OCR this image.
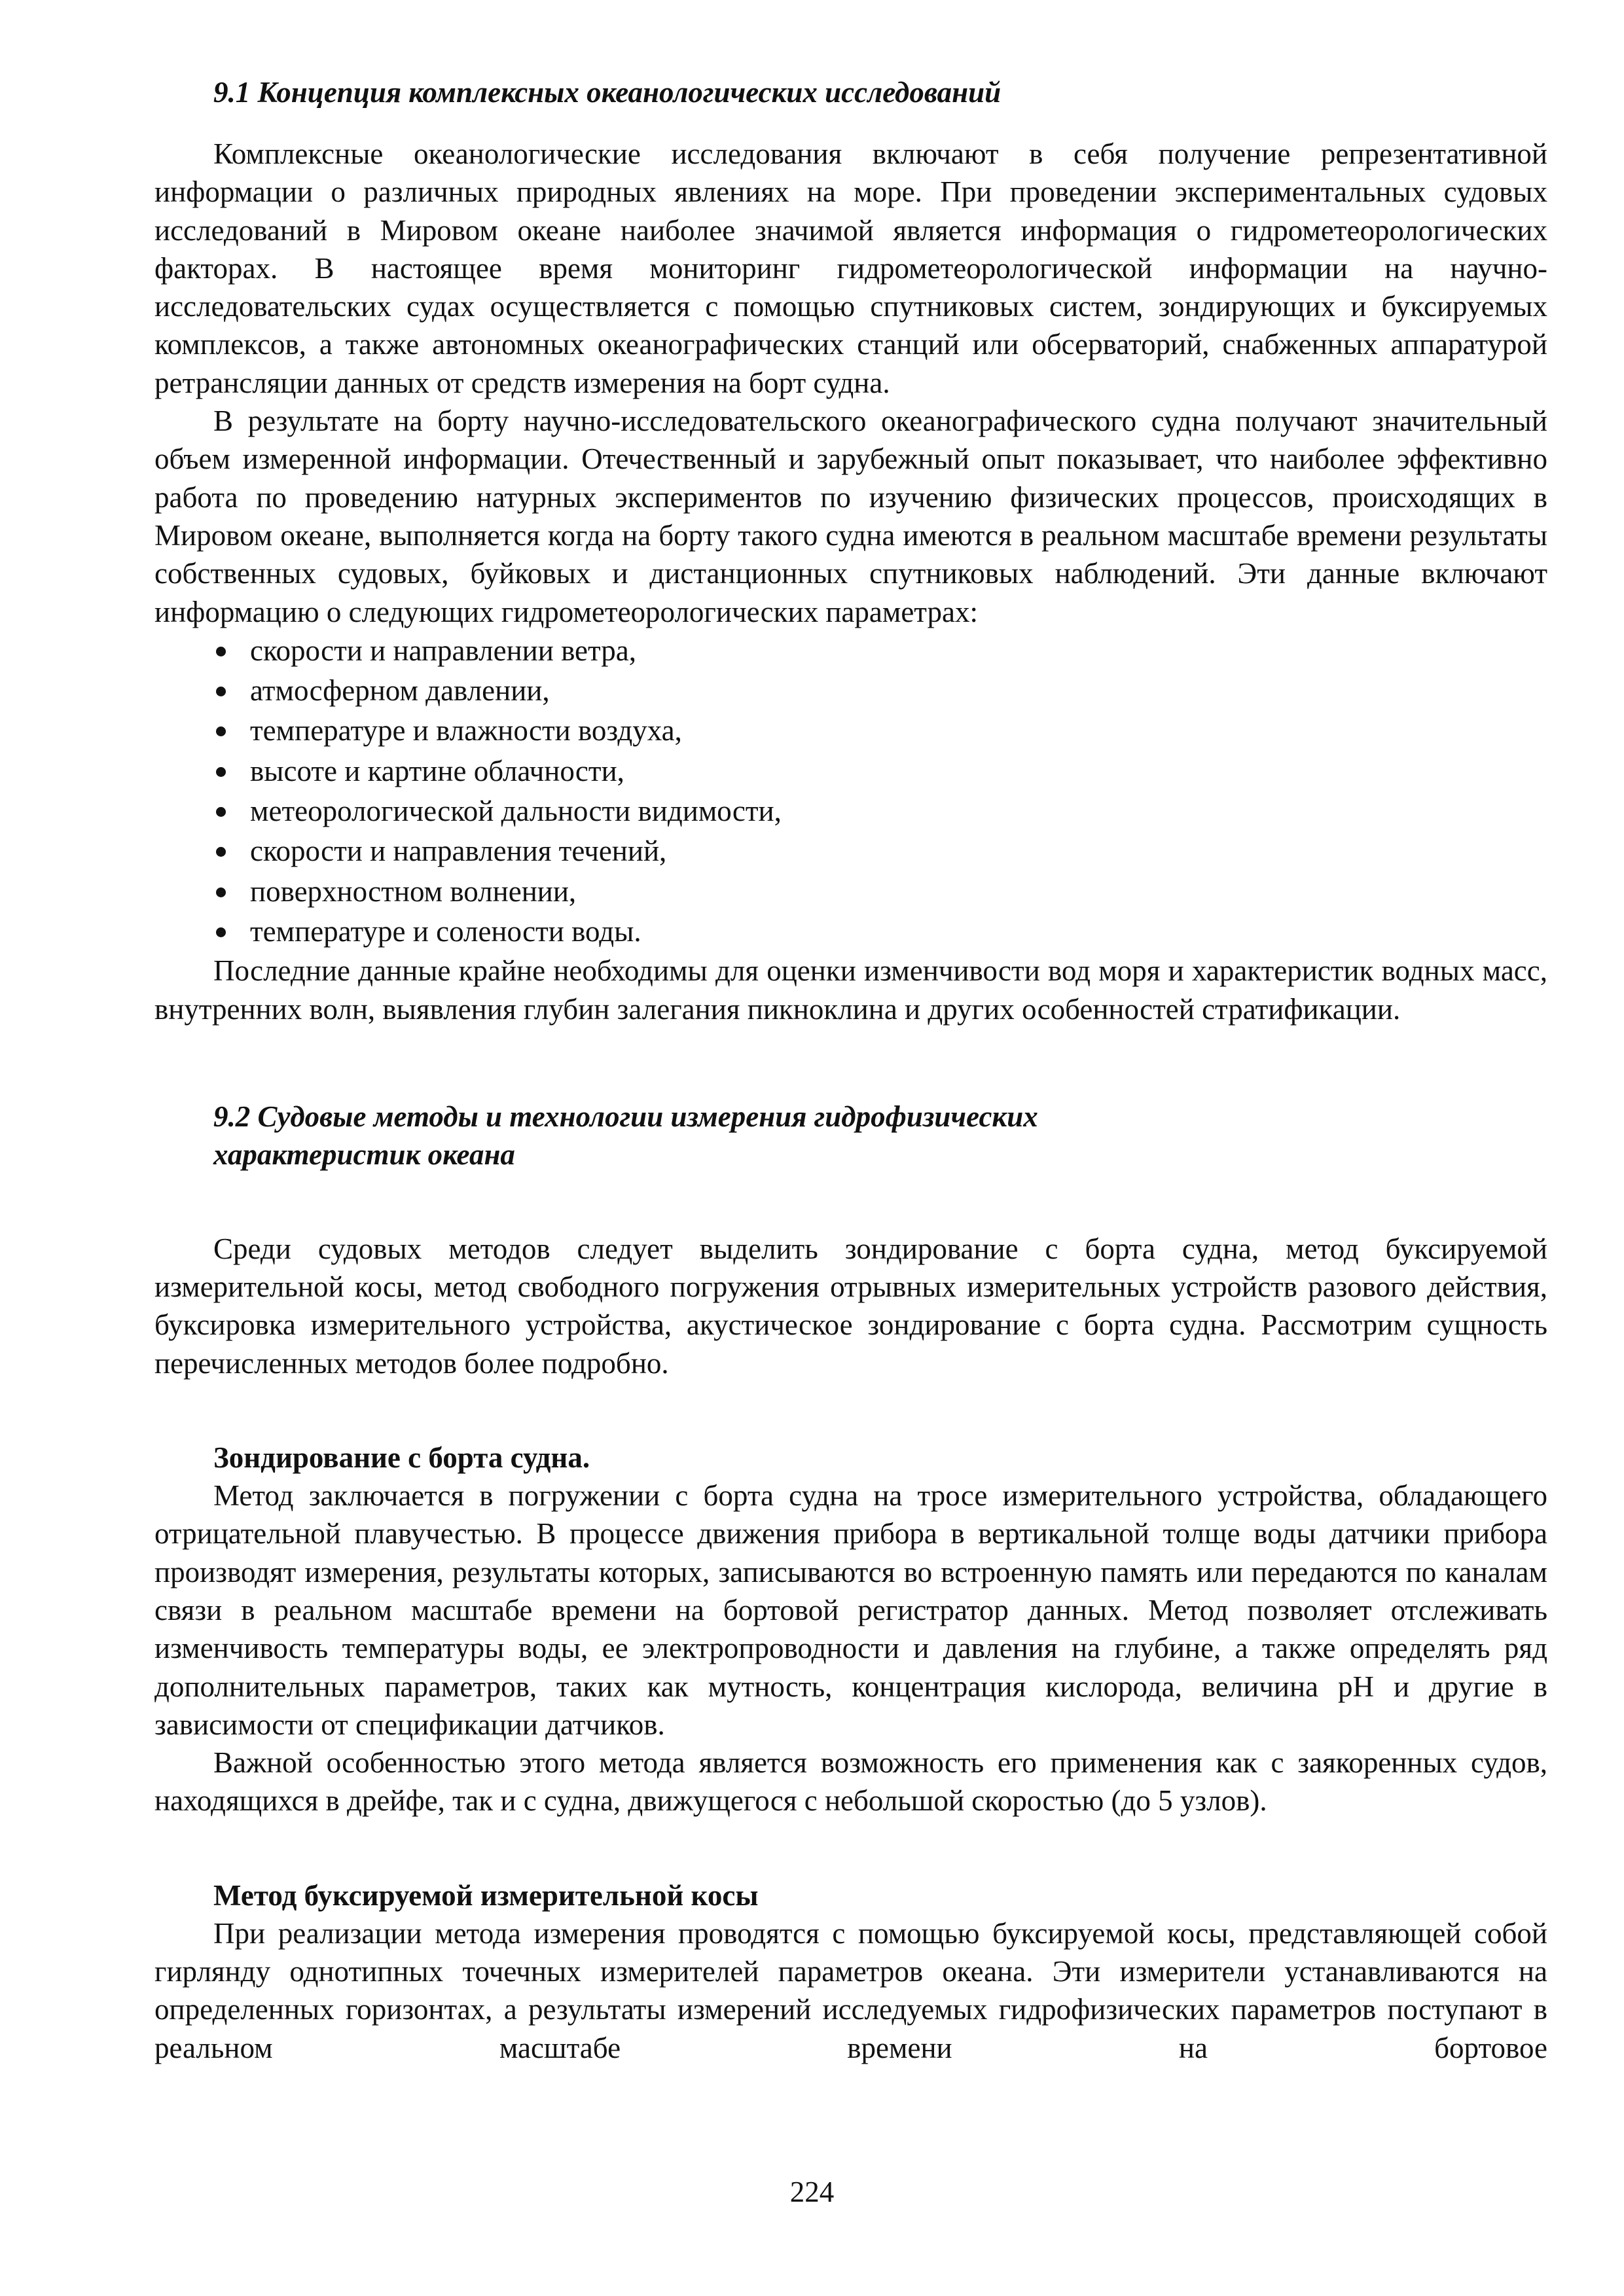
9.1 Концепция комплексных океанологических исследований

Комплексные океанологические исследования включают в себя получение репрезентативной информации о различных природных явлениях на море. При проведении экспериментальных судовых исследований в Мировом океане наиболее значимой является информация о гидрометеорологических факторах. В настоящее время мониторинг гидрометеорологической информации на научно-исследовательских судах осуществляется с помощью спутниковых систем, зондирующих и буксируемых комплексов, а также автономных океанографических станций или обсерваторий, снабженных аппаратурой ретрансляции данных от средств измерения на борт судна.

В результате на борту научно-исследовательского океанографического судна получают значительный объем измеренной информации. Отечественный и зарубежный опыт показывает, что наиболее эффективно работа по проведению натурных экспериментов по изучению физических процессов, происходящих в Мировом океане, выполняется когда на борту такого судна имеются в реальном масштабе времени результаты собственных судовых, буйковых и дистанционных спутниковых наблюдений. Эти данные включают информацию о следующих гидрометеорологических параметрах:

скорости и направлении ветра,
атмосферном давлении,
температуре и влажности воздуха,
высоте и картине облачности,
метеорологической дальности видимости,
скорости и направления течений,
поверхностном волнении,
температуре и солености воды.

Последние данные крайне необходимы для оценки изменчивости вод моря и характеристик водных масс, внутренних волн, выявления глубин залегания пикноклина и других особенностей стратификации.

9.2 Судовые методы и технологии измерения гидрофизических
характеристик океана

Среди судовых методов следует выделить зондирование с борта судна, метод буксируемой измерительной косы, метод свободного погружения отрывных измерительных устройств разового действия, буксировка измерительного устройства, акустическое зондирование с борта судна. Рассмотрим сущность перечисленных методов более подробно.

Зондирование с борта судна.

Метод заключается в погружении с борта судна на тросе измерительного устройства, обладающего отрицательной плавучестью. В процессе движения прибора в вертикальной толще воды датчики прибора производят измерения, результаты которых, записываются во встроенную память или передаются по каналам связи в реальном масштабе времени на бортовой регистратор данных. Метод позволяет отслеживать изменчивость температуры воды, ее электропроводности и давления на глубине, а также определять ряд дополнительных параметров, таких как мутность, концентрация кислорода, величина pH и другие в зависимости от спецификации датчиков.

Важной особенностью этого метода является возможность его применения как с заякоренных судов, находящихся в дрейфе, так и с судна, движущегося с небольшой скоростью (до 5 узлов).

Метод буксируемой измерительной косы

При реализации метода измерения проводятся с помощью буксируемой косы, представляющей собой гирлянду однотипных точечных измерителей параметров океана. Эти измерители устанавливаются на определенных горизонтах, а результаты измерений исследуемых гидрофизических параметров поступают в реальном масштабе времени на бортовое

224
